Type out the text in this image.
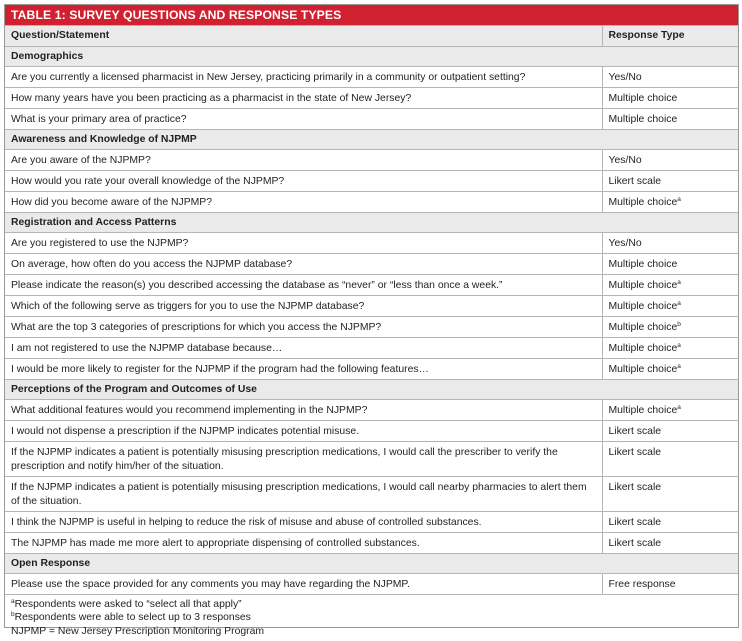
TABLE 1: SURVEY QUESTIONS AND RESPONSE TYPES
Question/Statement	Response Type
Demographics	
Are you currently a licensed pharmacist in New Jersey, practicing primarily in a community or outpatient setting?	Yes/No
How many years have you been practicing as a pharmacist in the state of New Jersey?	Multiple choice
What is your primary area of practice?	Multiple choice
Awareness and Knowledge of NJPMP	
Are you aware of the NJPMP?	Yes/No
How would you rate your overall knowledge of the NJPMP?	Likert scale
How did you become aware of the NJPMP?	Multiple choice$^a$
Registration and Access Patterns	
Are you registered to use the NJPMP?	Yes/No
On average, how often do you access the NJPMP database?	Multiple choice
Please indicate the reason(s) you described accessing the database as “never” or “less than once a week.”	Multiple choice$^a$
Which of the following serve as triggers for you to use the NJPMP database?	Multiple choice$^a$
What are the top 3 categories of prescriptions for which you access the NJPMP?	Multiple choice$^b$
I am not registered to use the NJPMP database because…	Multiple choice$^a$
I would be more likely to register for the NJPMP if the program had the following features…	Multiple choice$^a$
Perceptions of the Program and Outcomes of Use	
What additional features would you recommend implementing in the NJPMP?	Multiple choice$^a$
I would not dispense a prescription if the NJPMP indicates potential misuse.	Likert scale
If the NJPMP indicates a patient is potentially misusing prescription medications, I would call the prescriber to verify the prescription and notify him/her of the situation.	Likert scale
If the NJPMP indicates a patient is potentially misusing prescription medications, I would call nearby pharmacies to alert them of the situation.	Likert scale
I think the NJPMP is useful in helping to reduce the risk of misuse and abuse of controlled substances.	Likert scale
The NJPMP has made me more alert to appropriate dispensing of controlled substances.	Likert scale
Open Response	
Please use the space provided for any comments you may have regarding the NJPMP.	Free response
$^a$Respondents were asked to “select all that apply”
$^b$Respondents were able to select up to 3 responses
NJPMP = New Jersey Prescription Monitoring Program
